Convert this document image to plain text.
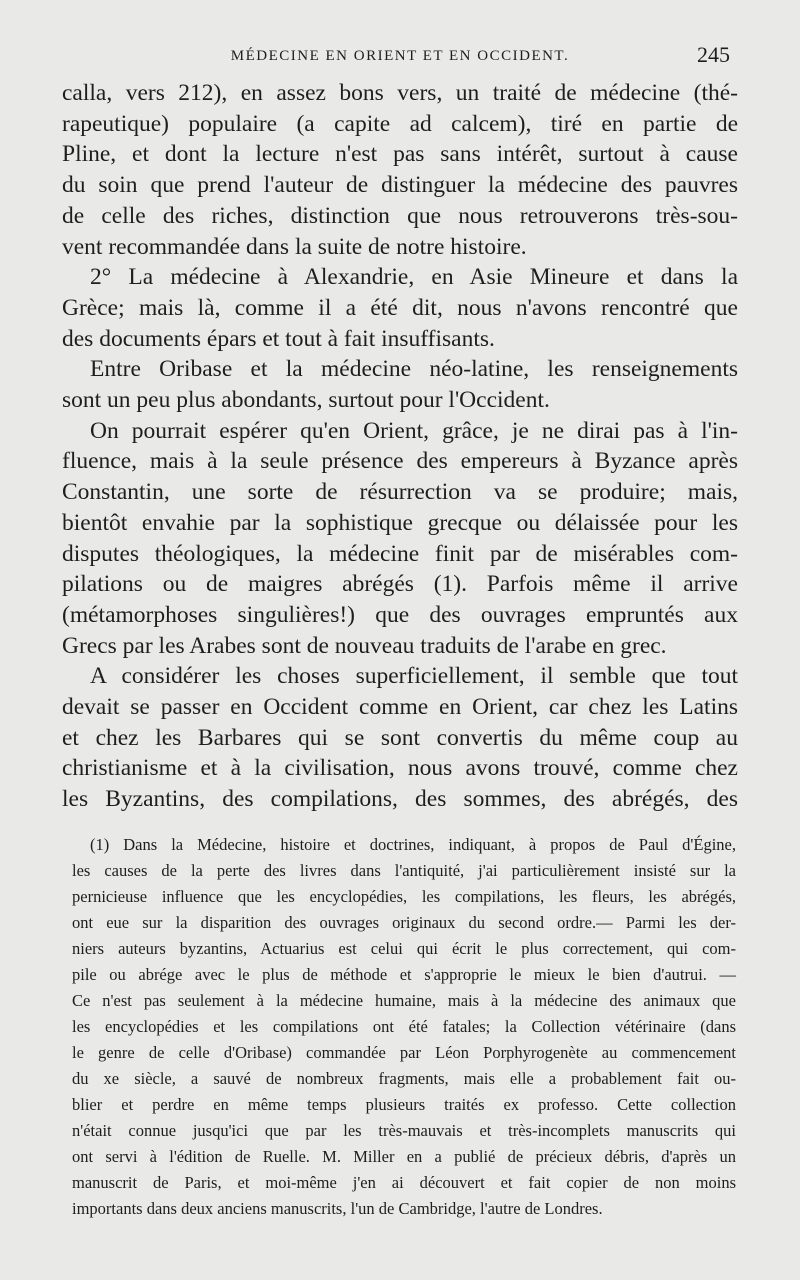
MÉDECINE EN ORIENT ET EN OCCIDENT.	245
calla, vers 212), en assez bons vers, un traité de médecine (thé-
rapeutique) populaire (a capite ad calcem), tiré en partie de
Pline, et dont la lecture n'est pas sans intérêt, surtout à cause
du soin que prend l'auteur de distinguer la médecine des pauvres
de celle des riches, distinction que nous retrouverons très-sou-
vent recommandée dans la suite de notre histoire.
2° La médecine à Alexandrie, en Asie Mineure et dans la
Grèce; mais là, comme il a été dit, nous n'avons rencontré que
des documents épars et tout à fait insuffisants.
Entre Oribase et la médecine néo-latine, les renseignements
sont un peu plus abondants, surtout pour l'Occident.
On pourrait espérer qu'en Orient, grâce, je ne dirai pas à l'in-
fluence, mais à la seule présence des empereurs à Byzance après
Constantin, une sorte de résurrection va se produire; mais,
bientôt envahie par la sophistique grecque ou délaissée pour les
disputes théologiques, la médecine finit par de misérables com-
pilations ou de maigres abrégés (1). Parfois même il arrive
(métamorphoses singulières!) que des ouvrages empruntés aux
Grecs par les Arabes sont de nouveau traduits de l'arabe en grec.
A considérer les choses superficiellement, il semble que tout
devait se passer en Occident comme en Orient, car chez les Latins
et chez les Barbares qui se sont convertis du même coup au
christianisme et à la civilisation, nous avons trouvé, comme chez
les Byzantins, des compilations, des sommes, des abrégés, des
(1) Dans la Médecine, histoire et doctrines, indiquant, à propos de Paul d'Égine,
les causes de la perte des livres dans l'antiquité, j'ai particulièrement insisté sur la
pernicieuse influence que les encyclopédies, les compilations, les fleurs, les abrégés,
ont eue sur la disparition des ouvrages originaux du second ordre.— Parmi les der-
niers auteurs byzantins, Actuarius est celui qui écrit le plus correctement, qui com-
pile ou abrége avec le plus de méthode et s'approprie le mieux le bien d'autrui. —
Ce n'est pas seulement à la médecine humaine, mais à la médecine des animaux que
les encyclopédies et les compilations ont été fatales; la Collection vétérinaire (dans
le genre de celle d'Oribase) commandée par Léon Porphyrogenète au commencement
du xe siècle, a sauvé de nombreux fragments, mais elle a probablement fait ou-
blier et perdre en même temps plusieurs traités ex professo. Cette collection
n'était connue jusqu'ici que par les très-mauvais et très-incomplets manuscrits qui
ont servi à l'édition de Ruelle. M. Miller en a publié de précieux débris, d'après un
manuscrit de Paris, et moi-même j'en ai découvert et fait copier de non moins
importants dans deux anciens manuscrits, l'un de Cambridge, l'autre de Londres.
